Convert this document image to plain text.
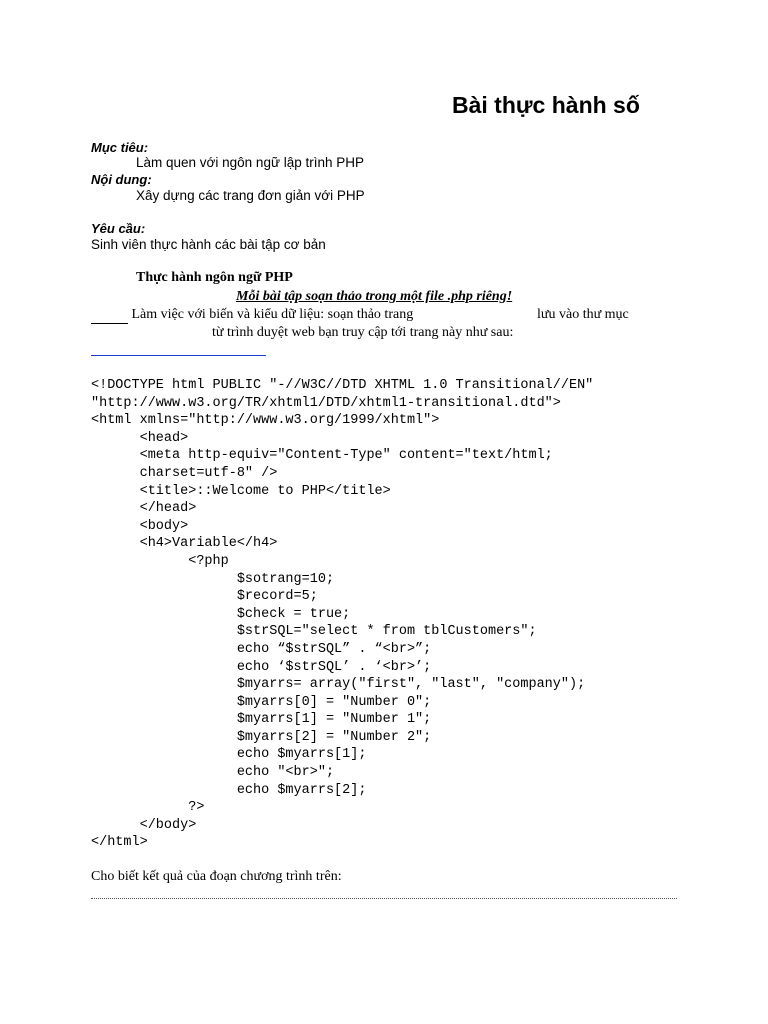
Bài thực hành số
Mục tiêu:
Làm quen với ngôn ngữ lập trình PHP
Nội dung:
Xây dựng các trang đơn giản với PHP
Yêu cầu:
Sinh viên thực hành các bài tập cơ bản
Thực hành ngôn ngữ PHP
Mỗi bài tập soạn thảo trong một file .php riêng!
Làm việc với biến và kiểu dữ liệu: soạn thảo trang	lưu vào thư mục
từ trình duyệt web bạn truy cập tới trang này như sau:
<!DOCTYPE html PUBLIC "-//W3C//DTD XHTML 1.0 Transitional//EN"
"http://www.w3.org/TR/xhtml1/DTD/xhtml1-transitional.dtd">
<html xmlns="http://www.w3.org/1999/xhtml">
<head>
<meta http-equiv="Content-Type" content="text/html;
charset=utf-8" />
<title>::Welcome to PHP</title>
</head>
<body>
<h4>Variable</h4>
<?php
$sotrang=10;
$record=5;
$check = true;
$strSQL="select * from tblCustomers";
echo “$strSQL” . “<br>”;
echo ‘$strSQL’ . ‘<br>’;
$myarrs= array("first", "last", "company");
$myarrs[0] = "Number 0";
$myarrs[1] = "Number 1";
$myarrs[2] = "Number 2";
echo $myarrs[1];
echo "<br>";
echo $myarrs[2];
?>
</body>
</html>
Cho biết kết quả của đoạn chương trình trên:
